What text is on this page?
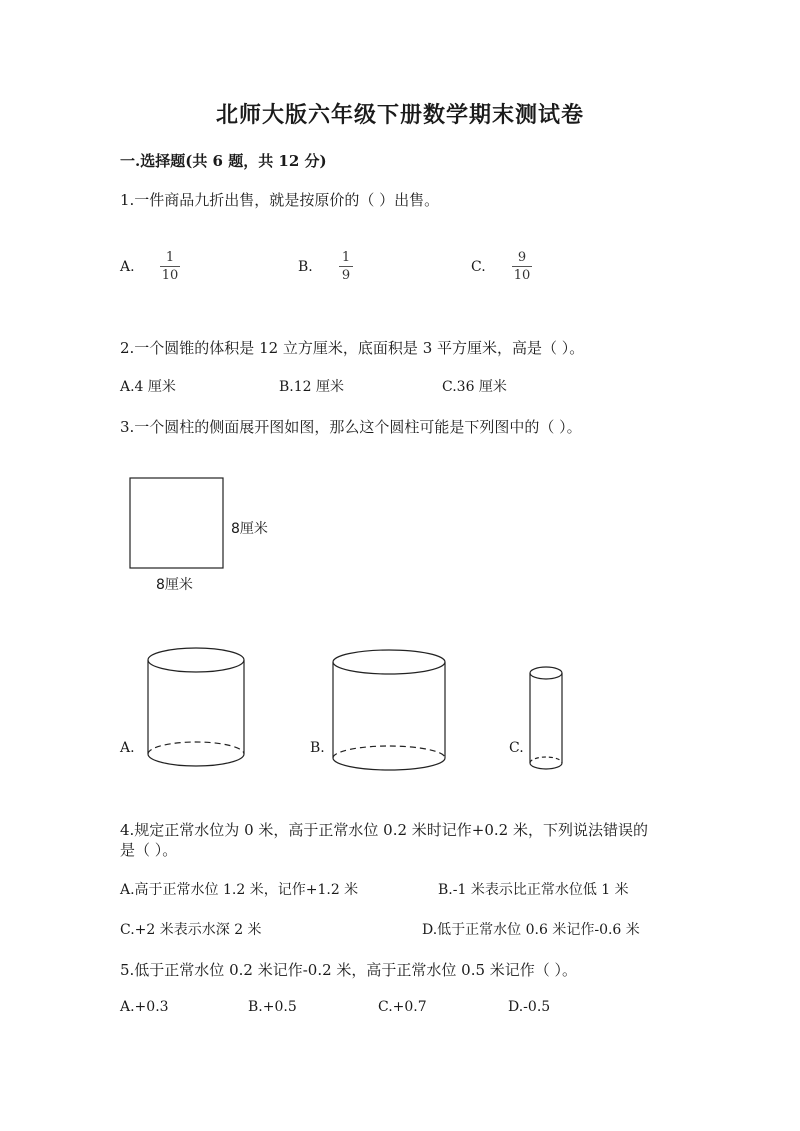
北师大版六年级下册数学期末测试卷
一.选择题(共 6 题，共 12 分)
1.一件商品九折出售，就是按原价的（ ）出售。
A.
1
10
B.
1
9
C.
9
10
2.一个圆锥的体积是 12 立方厘米，底面积是 3 平方厘米，高是（ ）。
A.4 厘米	B.12 厘米	C.36 厘米
3.一个圆柱的侧面展开图如图，那么这个圆柱可能是下列图中的（ ）。
8厘米
8厘米
A.	B.	C.
4.规定正常水位为 0 米，高于正常水位 0.2 米时记作+0.2 米，下列说法错误的
是（ ）。
A.高于正常水位 1.2 米，记作+1.2 米	B.-1 米表示比正常水位低 1 米
C.+2 米表示水深 2 米	D.低于正常水位 0.6 米记作-0.6 米
5.低于正常水位 0.2 米记作-0.2 米，高于正常水位 0.5 米记作（ ）。
A.+0.3	B.+0.5	C.+0.7	D.-0.5
